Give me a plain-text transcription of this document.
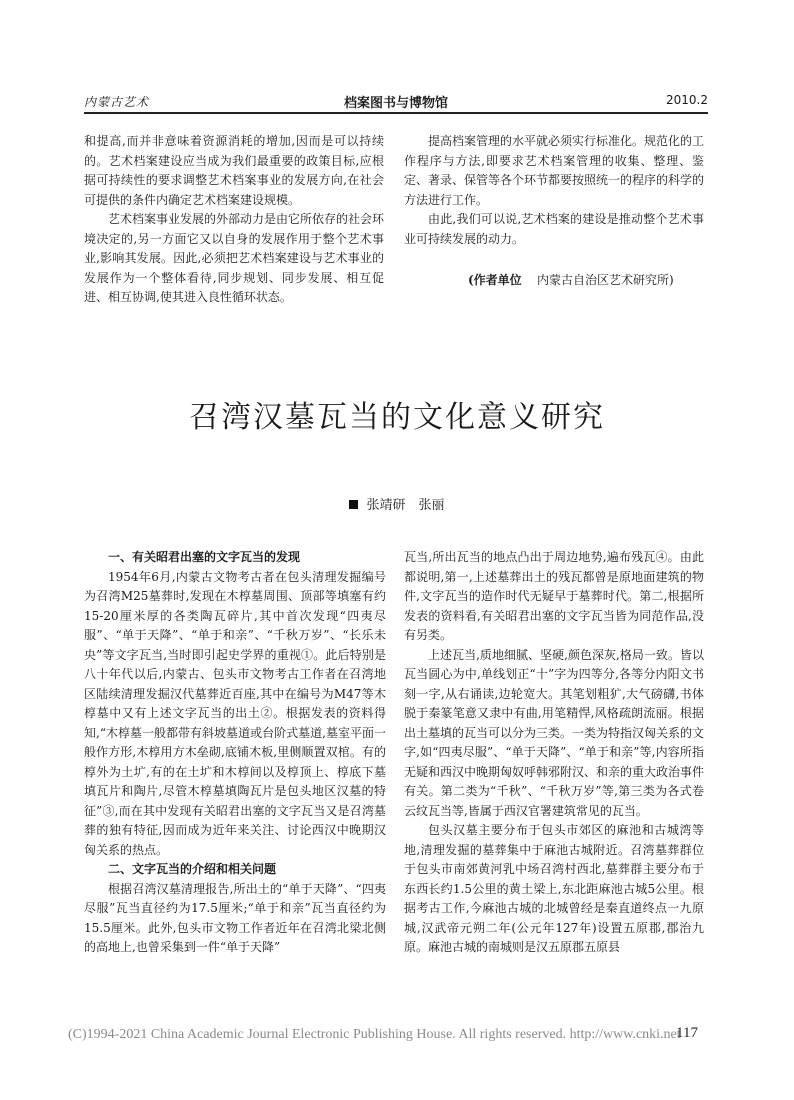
内蒙古艺术	档案图书与博物馆	2010.2

和提高,而并非意味着资源消耗的增加,因而是可以持续的。艺术档案建设应当成为我们最重要的政策目标,应根据可持续性的要求调整艺术档案事业的发展方向,在社会可提供的条件内确定艺术档案建设规模。

艺术档案事业发展的外部动力是由它所依存的社会环境决定的,另一方面它又以自身的发展作用于整个艺术事业,影响其发展。因此,必须把艺术档案建设与艺术事业的发展作为一个整体看待,同步规划、同步发展、相互促进、相互协调,使其进入良性循环状态。

提高档案管理的水平就必须实行标准化。规范化的工作程序与方法,即要求艺术档案管理的收集、整理、鉴定、著录、保管等各个环节都要按照统一的程序的科学的方法进行工作。

由此,我们可以说,艺术档案的建设是推动整个艺术事业可持续发展的动力。

(作者单位 内蒙古自治区艺术研究所)
召湾汉墓瓦当的文化意义研究
张靖研　张丽
一、有关昭君出塞的文字瓦当的发现

1954年6月,内蒙古文物考古者在包头清理发掘编号为召湾M25墓葬时,发现在木椁墓周围、顶部等填塞有约15-20厘米厚的各类陶瓦碎片,其中首次发现“四夷尽服”、“单于天降”、“单于和亲”、“千秋万岁”、“长乐未央”等文字瓦当,当时即引起史学界的重视①。此后特别是八十年代以后,内蒙古、包头市文物考古工作者在召湾地区陆续清理发掘汉代墓葬近百座,其中在编号为M47等木椁墓中又有上述文字瓦当的出土②。根据发表的资料得知,“木椁墓一般都带有斜坡墓道或台阶式墓道,墓室平面一般作方形,木椁用方木垒砌,底铺木板,里侧顺置双棺。有的椁外为土圹,有的在土圹和木椁间以及椁顶上、椁底下墓填瓦片和陶片,尽管木椁墓填陶瓦片是包头地区汉墓的特征”③,而在其中发现有关昭君出塞的文字瓦当又是召湾墓葬的独有特征,因而成为近年来关注、讨论西汉中晚期汉匈关系的热点。

二、文字瓦当的介绍和相关问题

根据召湾汉墓清理报告,所出土的“单于天降”、“四夷尽服”瓦当直径约为17.5厘米;“单于和亲”瓦当直径约为15.5厘米。此外,包头市文物工作者近年在召湾北梁北侧的高地上,也曾采集到一件“单于天降”

瓦当,所出瓦当的地点凸出于周边地势,遍布残瓦④。由此都说明,第一,上述墓葬出土的残瓦都曾是原地面建筑的物件,文字瓦当的造作时代无疑早于墓葬时代。第二,根据所发表的资料看,有关昭君出塞的文字瓦当皆为同范作品,没有另类。

上述瓦当,质地细腻、坚硬,颜色深灰,格局一致。皆以瓦当圆心为中,单线划正“十”字为四等分,各等分内阳文书刻一字,从右诵读,边轮宽大。其笔划粗犷,大气磅礴,书体脱于秦篆笔意又隶中有曲,用笔精悍,风格疏朗流丽。根据出土墓填的瓦当可以分为三类。一类为特指汉匈关系的文字,如“四夷尽服”、“单于天降”、“单于和亲”等,内容所指无疑和西汉中晚期匈奴呼韩邪附汉、和亲的重大政治事件有关。第二类为“千秋”、“千秋万岁”等,第三类为各式卷云纹瓦当等,皆属于西汉官署建筑常见的瓦当。

包头汉墓主要分布于包头市郊区的麻池和古城湾等地,清理发掘的墓葬集中于麻池古城附近。召湾墓葬群位于包头市南郊黄河乳中场召湾村西北,墓葬群主要分布于东西长约1.5公里的黄土梁上,东北距麻池古城5公里。根据考古工作,今麻池古城的北城曾经是秦直道终点一九原城,汉武帝元朔二年(公元年127年)设置五原郡,郡治九原。麻池古城的南城则是汉五原郡五原县

(C)1994-2021 China Academic Journal Electronic Publishing House. All rights reserved. http://www.cnki.net
117
